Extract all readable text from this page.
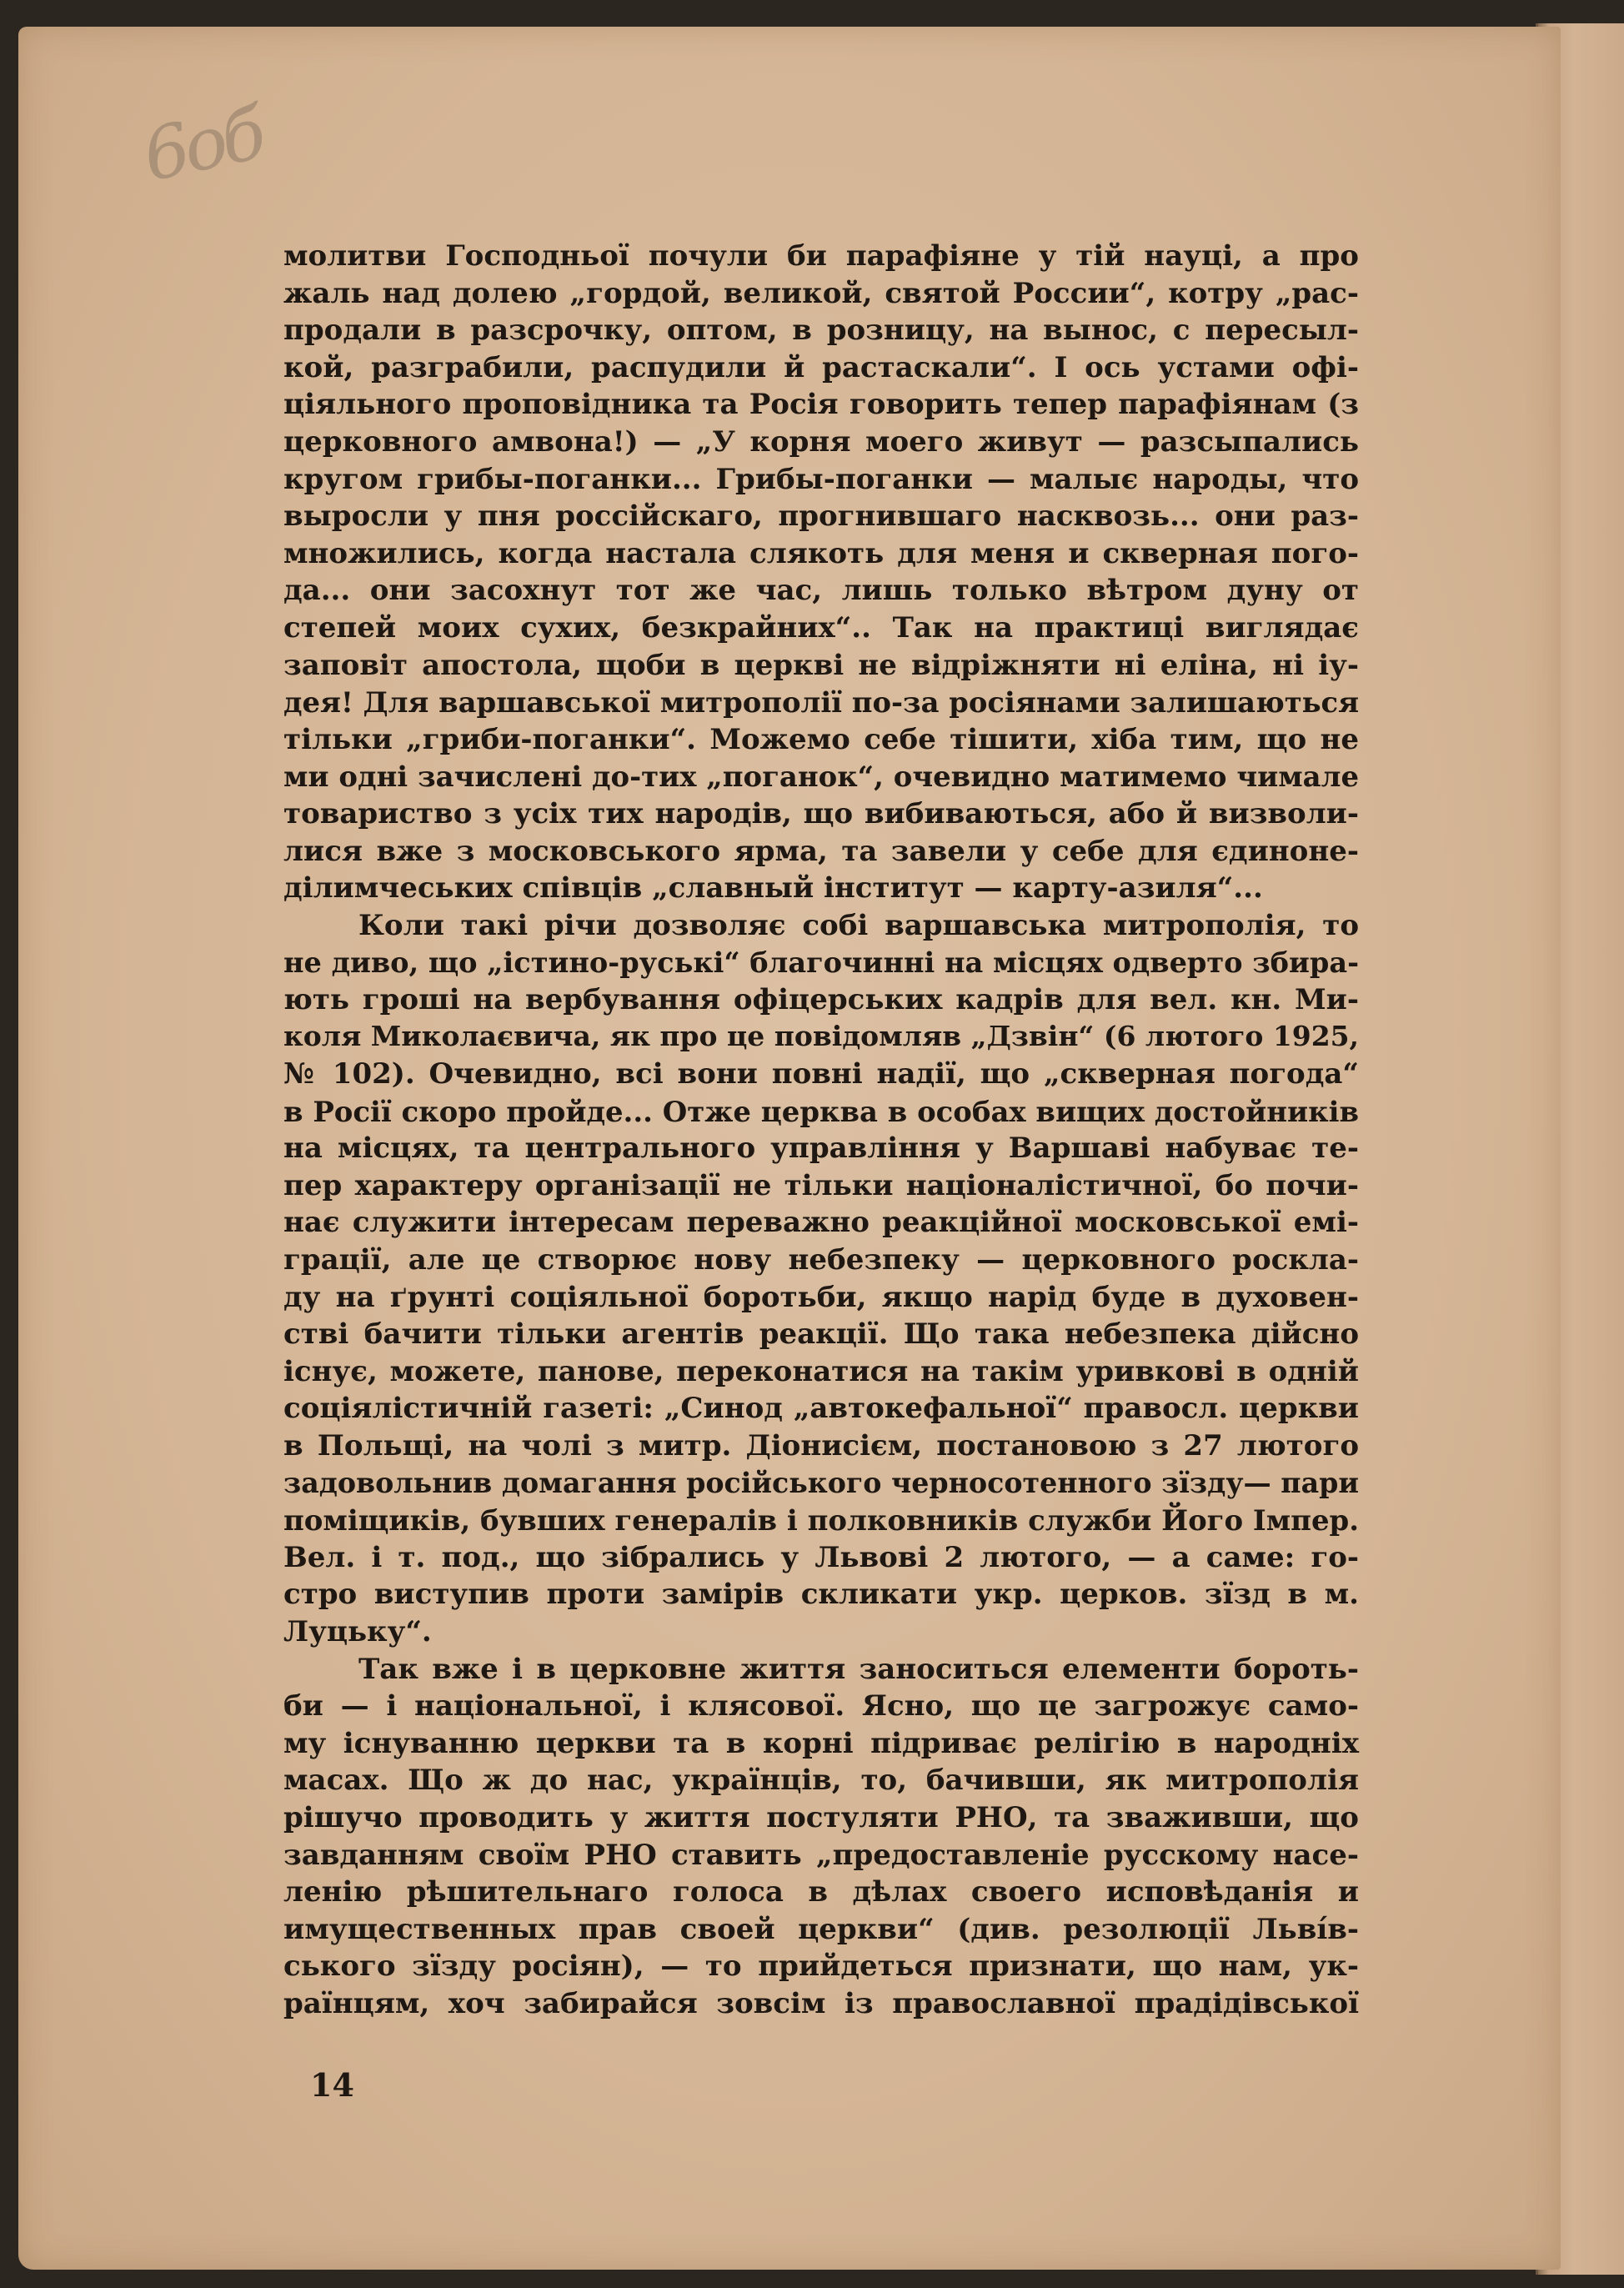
6об
молитви Господньої почули би парафіяне у тій науці, а про
жаль над долею „гордой, великой, святой России“, котру „рас-
продали в разсрочку, оптом, в розницу, на вынос, с пересыл-
кой, разграбили, распудили й растаскали“. І ось устами офі-
ціяльного проповідника та Росія говорить тепер парафіянам (з
церковного амвона!) — „У корня моего живут — разсыпались
кругом грибы-поганки... Грибы-поганки — малыє народы, что
выросли у пня россійскаго, прогнившаго насквозь... они раз-
множились, когда настала слякоть для меня и скверная пого-
да... они засохнут тот же час, лишь только вѣтром дуну от
степей моих сухих, безкрайних“.. Так на практиці виглядає
заповіт апостола, щоби в церкві не відріжняти ні еліна, ні іу-
дея! Для варшавської митрополії по-за росіянами залишаються
тільки „гриби-поганки“. Можемо себе тішити, хіба тим, що не
ми одні зачислені до-тих „поганок“, очевидно матимемо чимале
товариство з усіх тих народів, що вибиваються, або й визволи-
лися вже з московського ярма, та завели у себе для єдиноне-
ділимчеських співців „славный інститут — карту-азиля“...
Коли такі річи дозволяє собі варшавська митрополія, то
не диво, що „істино-руські“ благочинні на місцях одверто збира-
ють гроші на вербування офіцерських кадрів для вел. кн. Ми-
коля Миколаєвича, як про це повідомляв „Дзвін“ (6 лютого 1925,
№ 102). Очевидно, всі вони повні надії, що „скверная погода“
в Росії скоро пройде... Отже церква в особах вищих достойників
на місцях, та центрального управління у Варшаві набуває те-
пер характеру організації не тільки націоналістичної, бо почи-
нає служити інтересам переважно реакційної московської емі-
грації, але це створює нову небезпеку — церковного роскла-
ду на ґрунті соціяльної боротьби, якщо нарід буде в духовен-
стві бачити тільки агентів реакції. Що така небезпека дійсно
існує, можете, панове, переконатися на такім уривкові в одній
соціялістичній газеті: „Синод „автокефальної“ правосл. церкви
в Польщі, на чолі з митр. Діонисієм, постановою з 27 лютого
задовольнив домагання російського черносотенного зїзду— пари
поміщиків, бувших генералів і полковників служби Його Імпер.
Вел. і т. под., що зібрались у Львові 2 лютого, — а саме: го-
стро виступив проти замірів скликати укр. церков. зїзд в м.
Луцьку“.
Так вже і в церковне життя заноситься елементи бороть-
би — і національної, і клясової. Ясно, що це загрожує само-
му існуванню церкви та в корні підриває релігію в народніх
масах. Що ж до нас, українців, то, бачивши, як митрополія
рішучо проводить у життя постуляти РНО, та зваживши, що
завданням своїм РНО ставить „предоставленіе русскому насе-
ленію рѣшительнаго голоса в дѣлах своего исповѣданія и
имущественных прав своей церкви“ (див. резолюції Льві́в-
ського зїзду росіян), — то прийдеться признати, що нам, ук-
раїнцям, хоч забирайся зовсім із православної прадідівської
14
